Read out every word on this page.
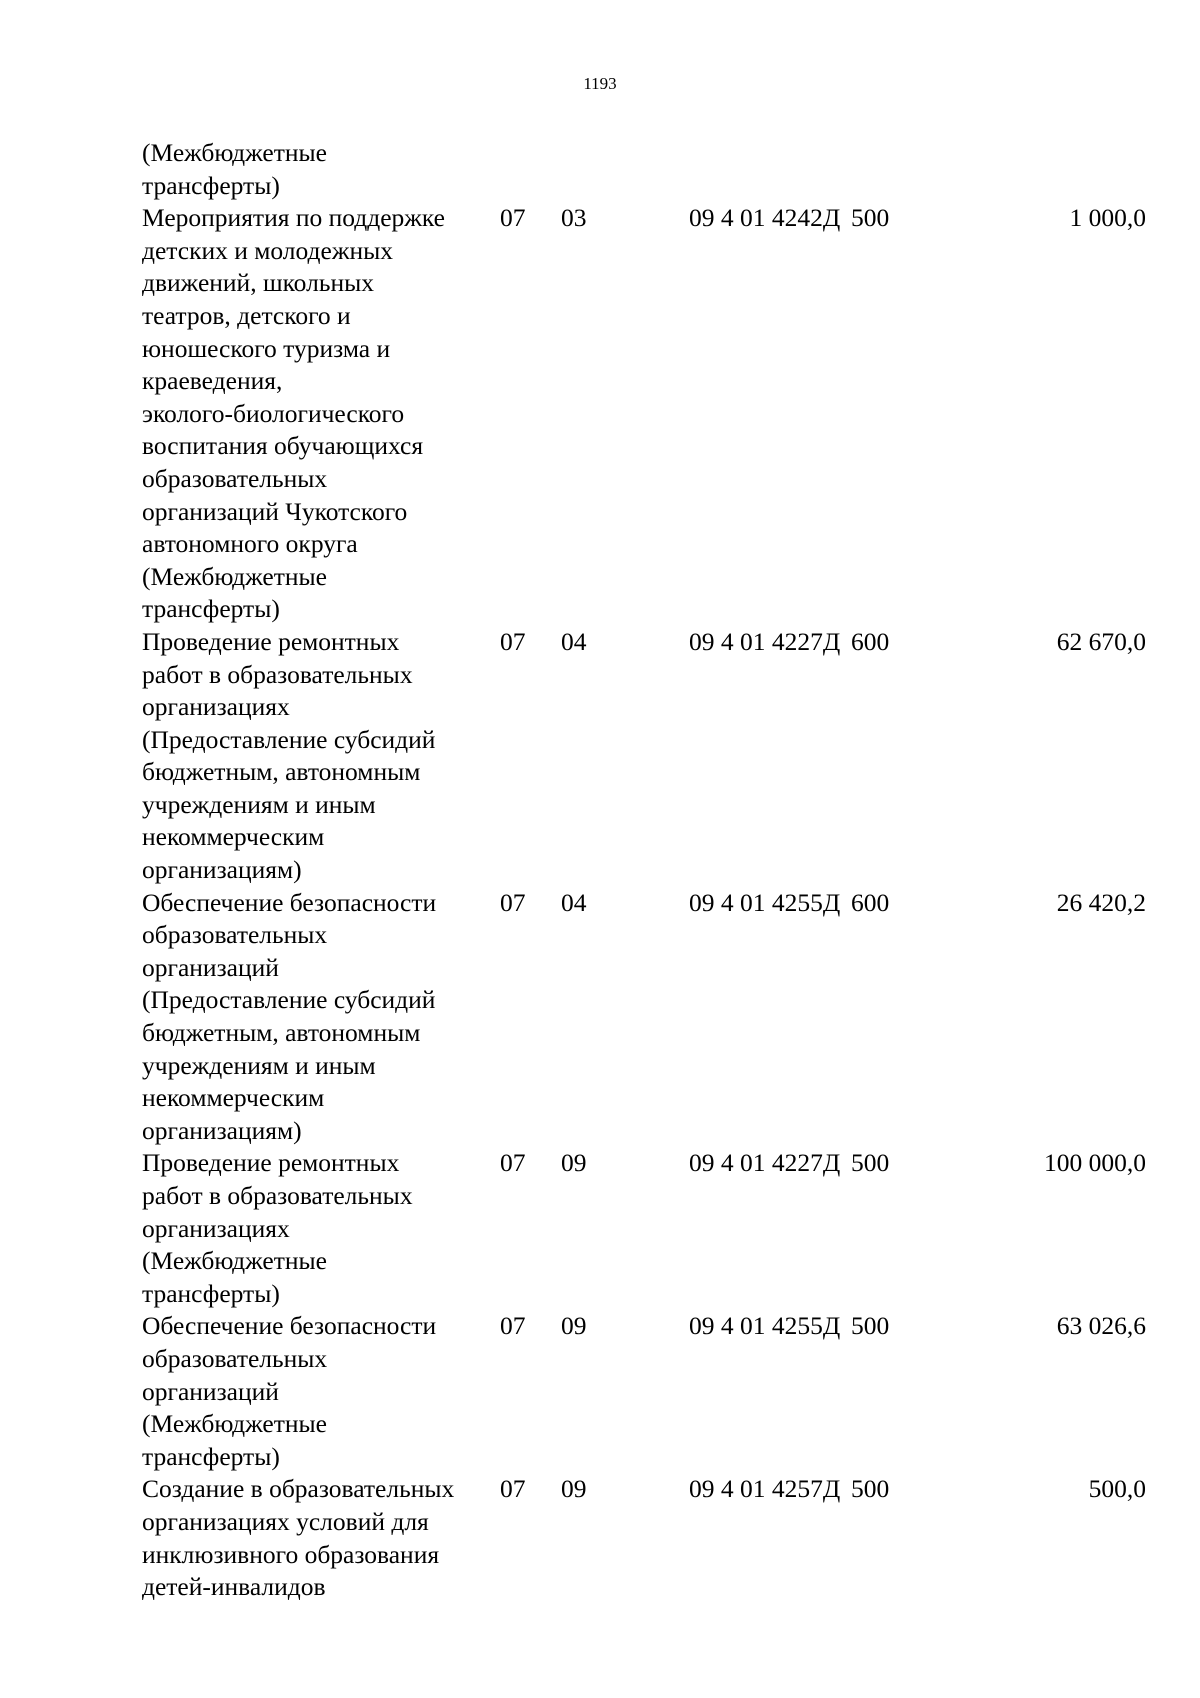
1193
(Межбюджетные
трансферты)
Мероприятия по поддержке
детских и молодежных
движений, школьных
театров, детского и
юношеского туризма и
краеведения,
эколого-биологического
воспитания обучающихся
образовательных
организаций Чукотского
автономного округа
(Межбюджетные
трансферты)
07	03	09 4 01 4242Д 500	1 000,0
Проведение ремонтных
работ в образовательных
организациях
(Предоставление субсидий
бюджетным, автономным
учреждениям и иным
некоммерческим
организациям)
07	04	09 4 01 4227Д 600	62 670,0
Обеспечение безопасности
образовательных
организаций
(Предоставление субсидий
бюджетным, автономным
учреждениям и иным
некоммерческим
организациям)
07	04	09 4 01 4255Д 600	26 420,2
Проведение ремонтных
работ в образовательных
организациях
(Межбюджетные
трансферты)
07	09	09 4 01 4227Д 500	100 000,0
Обеспечение безопасности
образовательных
организаций
(Межбюджетные
трансферты)
07	09	09 4 01 4255Д 500	63 026,6
Создание в образовательных
организациях условий для
инклюзивного образования
детей-инвалидов
07	09	09 4 01 4257Д 500	500,0
